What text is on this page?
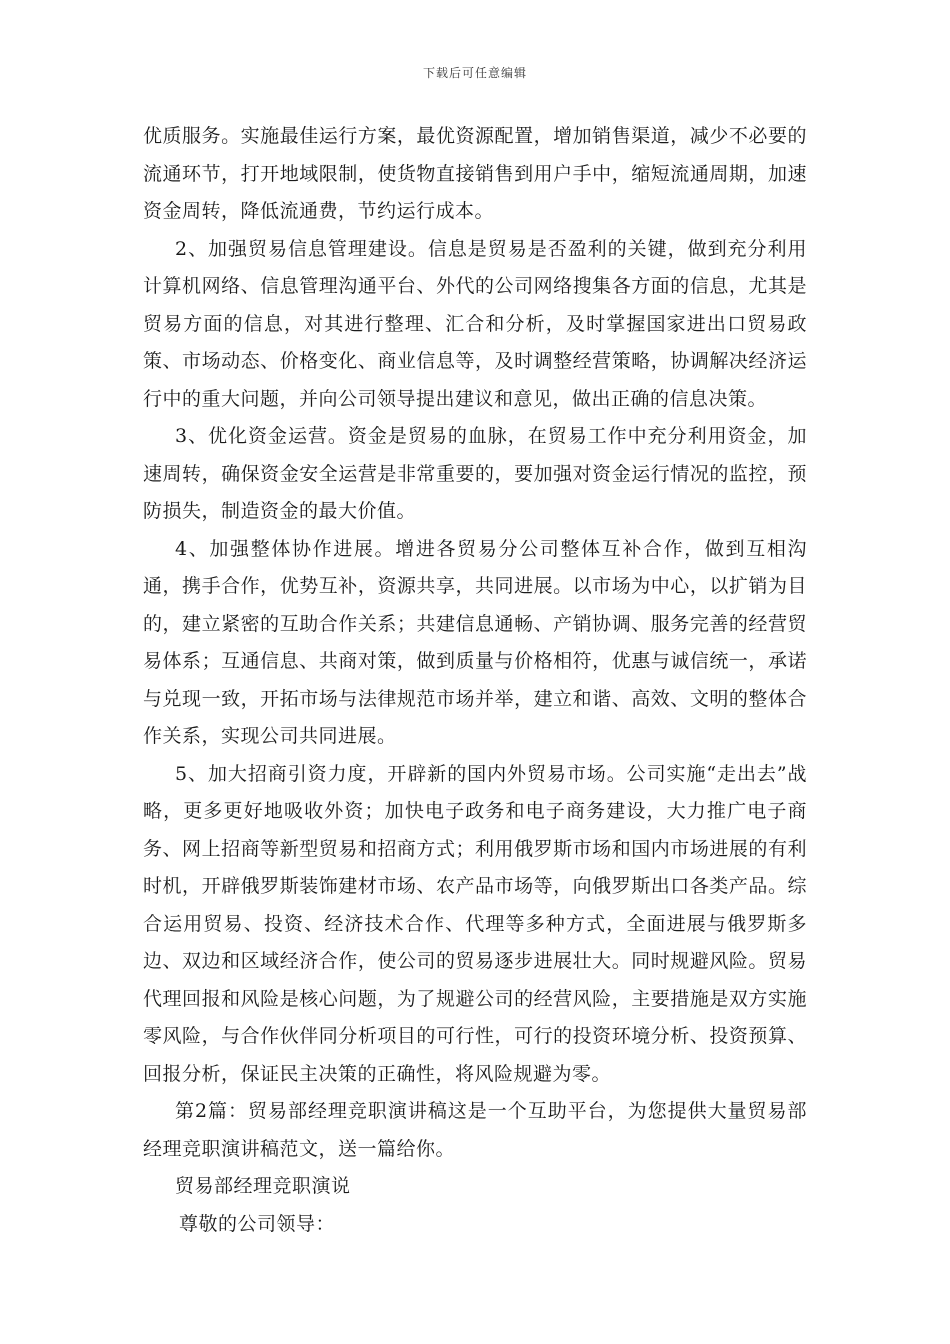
下载后可任意编辑

优质服务。实施最佳运行方案，最优资源配置，增加销售渠道，减少不必要的流通环节，打开地域限制，使货物直接销售到用户手中，缩短流通周期，加速资金周转，降低流通费，节约运行成本。

2、加强贸易信息管理建设。信息是贸易是否盈利的关键，做到充分利用计算机网络、信息管理沟通平台、外代的公司网络搜集各方面的信息，尤其是贸易方面的信息，对其进行整理、汇合和分析，及时掌握国家进出口贸易政策、市场动态、价格变化、商业信息等，及时调整经营策略，协调解决经济运行中的重大问题，并向公司领导提出建议和意见，做出正确的信息决策。

3、优化资金运营。资金是贸易的血脉，在贸易工作中充分利用资金，加速周转，确保资金安全运营是非常重要的，要加强对资金运行情况的监控，预防损失，制造资金的最大价值。

4、加强整体协作进展。增进各贸易分公司整体互补合作，做到互相沟通，携手合作，优势互补，资源共享，共同进展。以市场为中心，以扩销为目的，建立紧密的互助合作关系；共建信息通畅、产销协调、服务完善的经营贸易体系；互通信息、共商对策，做到质量与价格相符，优惠与诚信统一，承诺与兑现一致，开拓市场与法律规范市场并举，建立和谐、高效、文明的整体合作关系，实现公司共同进展。

5、加大招商引资力度，开辟新的国内外贸易市场。公司实施“走出去”战略，更多更好地吸收外资；加快电子政务和电子商务建设，大力推广电子商务、网上招商等新型贸易和招商方式；利用俄罗斯市场和国内市场进展的有利时机，开辟俄罗斯装饰建材市场、农产品市场等，向俄罗斯出口各类产品。综合运用贸易、投资、经济技术合作、代理等多种方式，全面进展与俄罗斯多边、双边和区域经济合作，使公司的贸易逐步进展壮大。同时规避风险。贸易代理回报和风险是核心问题，为了规避公司的经营风险，主要措施是双方实施零风险，与合作伙伴同分析项目的可行性，可行的投资环境分析、投资预算、回报分析，保证民主决策的正确性，将风险规避为零。

第2篇：贸易部经理竞职演讲稿这是一个互助平台，为您提供大量贸易部经理竞职演讲稿范文，送一篇给你。

贸易部经理竞职演说

尊敬的公司领导：
